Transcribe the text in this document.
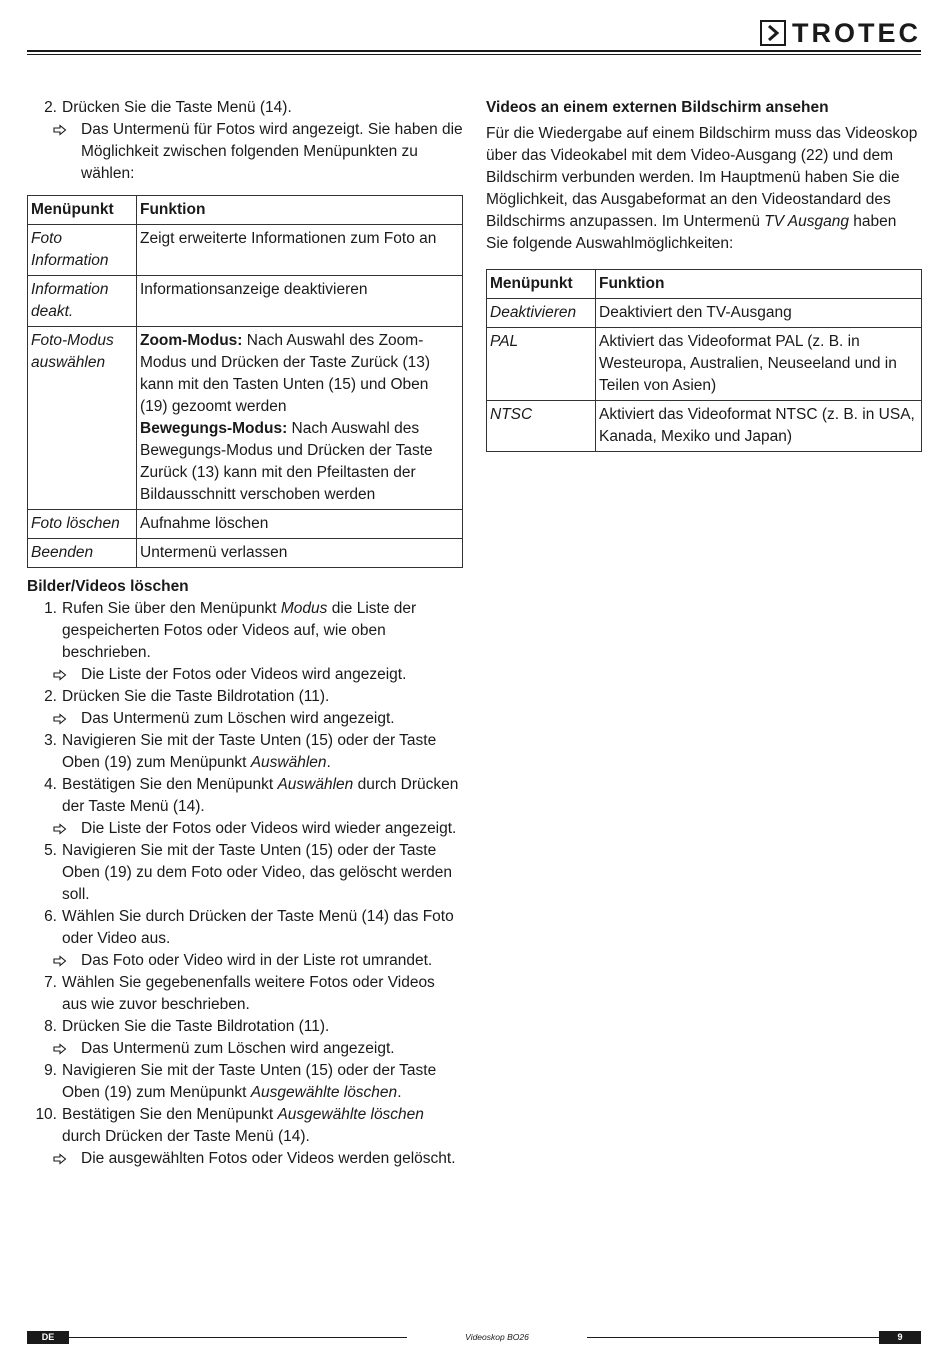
TROTEC
2. Drücken Sie die Taste Menü (14).

Das Untermenü für Fotos wird angezeigt. Sie haben die Möglichkeit zwischen folgenden Menüpunkten zu wählen:

Menüpunkt	Funktion
Foto Information	Zeigt erweiterte Informationen zum Foto an
Information deakt.	Informationsanzeige deaktivieren
Foto-Modus auswählen	Zoom-Modus: Nach Auswahl des Zoom-Modus und Drücken der Taste Zurück (13) kann mit den Tasten Unten (15) und Oben (19) gezoomt werden
Bewegungs-Modus: Nach Auswahl des Bewegungs-Modus und Drücken der Taste Zurück (13) kann mit den Pfeiltasten der Bildausschnitt verschoben werden
Foto löschen	Aufnahme löschen
Beenden	Untermenü verlassen

Bilder/Videos löschen

1. Rufen Sie über den Menüpunkt Modus die Liste der gespeicherten Fotos oder Videos auf, wie oben beschrieben.

Die Liste der Fotos oder Videos wird angezeigt.

2. Drücken Sie die Taste Bildrotation (11).

Das Untermenü zum Löschen wird angezeigt.

3. Navigieren Sie mit der Taste Unten (15) oder der Taste Oben (19) zum Menüpunkt Auswählen.

4. Bestätigen Sie den Menüpunkt Auswählen durch Drücken der Taste Menü (14).

Die Liste der Fotos oder Videos wird wieder angezeigt.

5. Navigieren Sie mit der Taste Unten (15) oder der Taste Oben (19) zu dem Foto oder Video, das gelöscht werden soll.

6. Wählen Sie durch Drücken der Taste Menü (14) das Foto oder Video aus.

Das Foto oder Video wird in der Liste rot umrandet.

7. Wählen Sie gegebenenfalls weitere Fotos oder Videos aus wie zuvor beschrieben.

8. Drücken Sie die Taste Bildrotation (11).

Das Untermenü zum Löschen wird angezeigt.

9. Navigieren Sie mit der Taste Unten (15) oder der Taste Oben (19) zum Menüpunkt Ausgewählte löschen.

10. Bestätigen Sie den Menüpunkt Ausgewählte löschen durch Drücken der Taste Menü (14).

Die ausgewählten Fotos oder Videos werden gelöscht.

Videos an einem externen Bildschirm ansehen

Für die Wiedergabe auf einem Bildschirm muss das Videoskop über das Videokabel mit dem Video-Ausgang (22) und dem Bildschirm verbunden werden. Im Hauptmenü haben Sie die Möglichkeit, das Ausgabeformat an den Videostandard des Bildschirms anzupassen. Im Untermenü TV Ausgang haben Sie folgende Auswahlmöglichkeiten:

Menüpunkt	Funktion
Deaktivieren	Deaktiviert den TV-Ausgang
PAL	Aktiviert das Videoformat PAL (z. B. in Westeuropa, Australien, Neuseeland und in Teilen von Asien)
NTSC	Aktiviert das Videoformat NTSC (z. B. in USA, Kanada, Mexiko und Japan)
DE	Videoskop BO26	9
